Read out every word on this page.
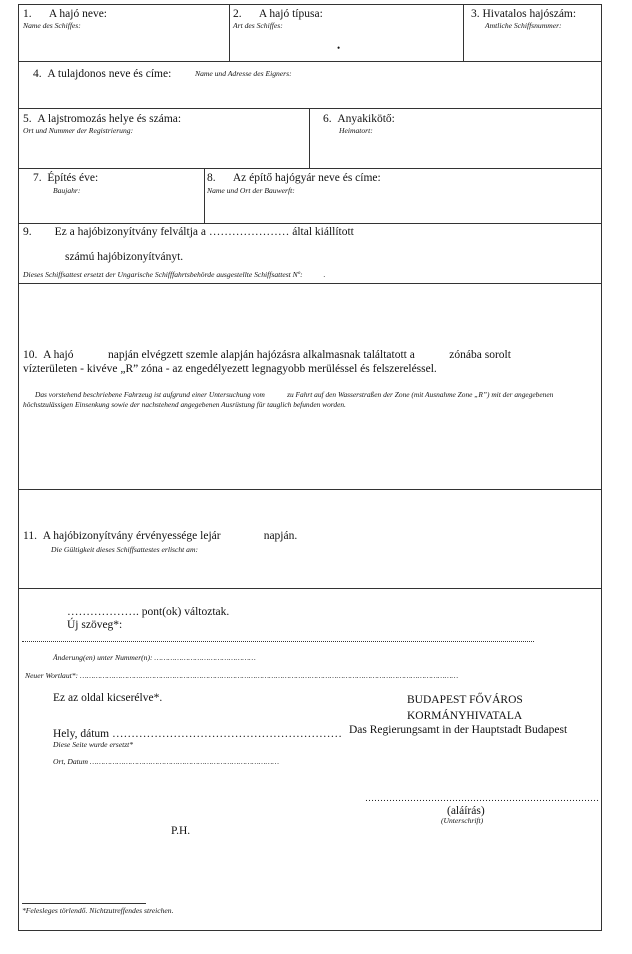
1.      A hajó neve:
Name des Schiffes:
2.      A hajó típusa:
Art des Schiffes:
•
3. Hivatalos hajószám:
Amtliche Schiffsnummer:
4.  A tulajdonos neve és címe:	Name und Adresse des Eigners:
5.  A lajstromozás helye és száma:
Ort und Nummer der Registrierung:
6.  Anyakikötő:
Heimatort:
7.  Építés éve:
Baujahr:
8.      Az építő hajógyár neve és címe:
Name und Ort der Bauwerft:
9.        Ez a hajóbizonyítvány felváltja a ………………… által kiállított
számú hajóbizonyítványt.
Dieses Schiffsattest ersetzt der Ungarische Schifffahrtsbehörde ausgestellte Schiffsattest Nº:           .
10.  A hajó            napján elvégzett szemle alapján hajózásra alkalmasnak találtatott a            zónába sorolt
vízterületen - kivéve „R” zóna - az engedélyezett legnagyobb merüléssel és felszereléssel.
Das vorstehend beschriebene Fahrzeug ist aufgrund einer Untersuchung vom            zu Fahrt auf den Wasserstraßen der Zone (mit Ausnahme Zone „R”) mit der angegebenen höchstzulässigen Einsenkung sowie der nachstehend angegebenen Ausrüstung für tauglich befunden worden.
11.  A hajóbizonyítvány érvényessége lejár               napján.
Die Gültigkeit dieses Schiffsattestes erlischt am:
………………. pont(ok) változtak.
Új szöveg*:
Änderung(en) unter Nummer(n): ………………………………………
Neuer Wortlaut*: ……………………………………………………………………………………………………………………………………………………
Ez az oldal kicserélve*.
Hely, dátum ……………………………………………………
Diese Seite wurde ersetzt*
Ort, Datum …………………………………………………………………………
BUDAPEST FŐVÁROS
KORMÁNYHIVATALA
Das Regierungsamt in der Hauptstadt Budapest
……………………………………………………………………
(aláírás)
(Unterschrift)
P.H.
*Felesleges törlendő. Nichtzutreffendes streichen.
